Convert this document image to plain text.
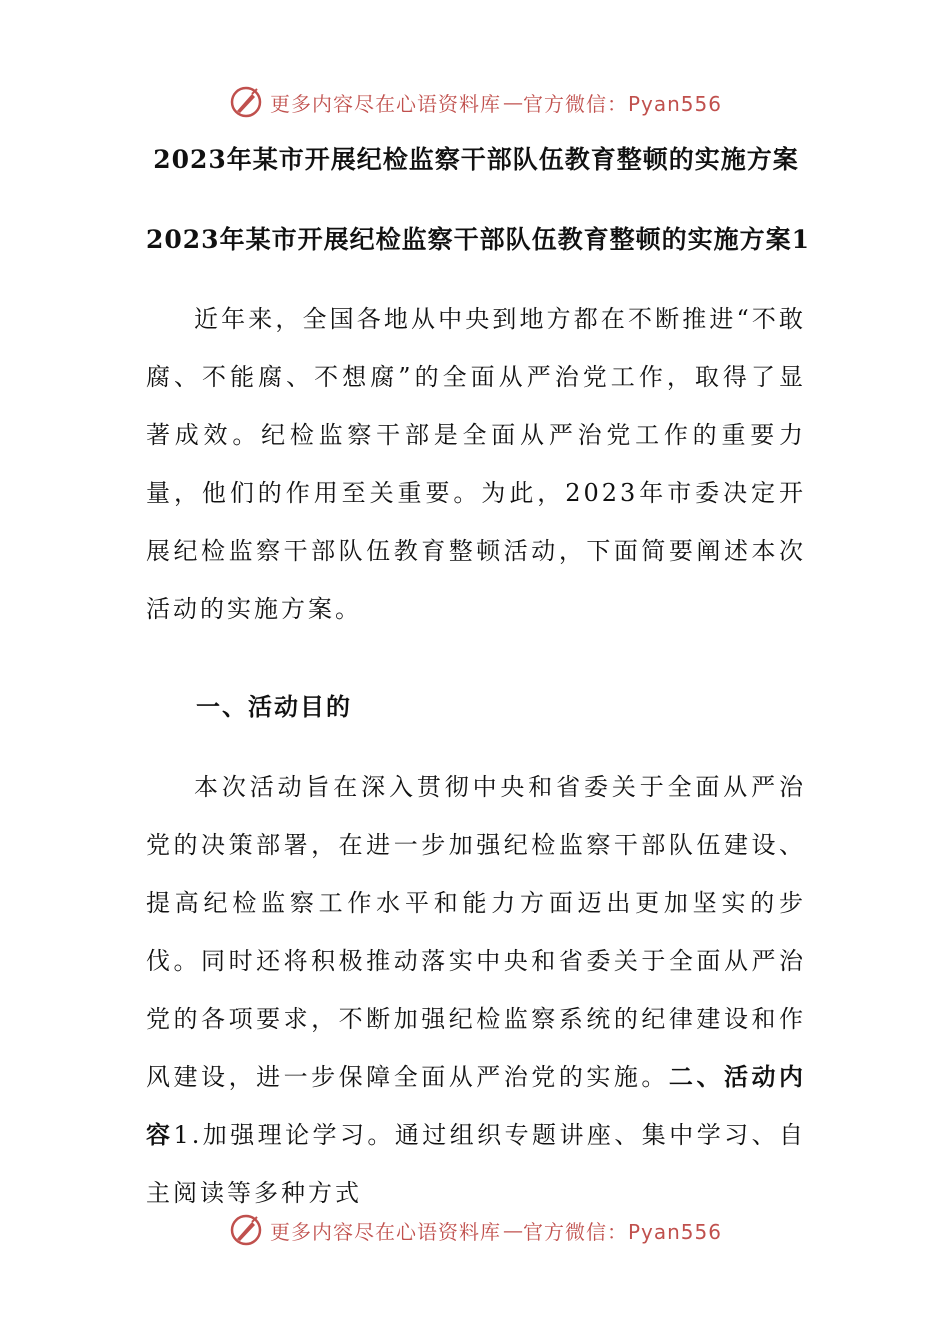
更多内容尽在心语资料库 — 官方微信：Pyan556
2023年某市开展纪检监察干部队伍教育整顿的实施方案
2023年某市开展纪检监察干部队伍教育整顿的实施方案1

近年来，全国各地从中央到地方都在不断推进“不敢腐、不能腐、不想腐”的全面从严治党工作，取得了显著成效。纪检监察干部是全面从严治党工作的重要力量，他们的作用至关重要。为此，2023年市委决定开展纪检监察干部队伍教育整顿活动，下面简要阐述本次活动的实施方案。

一、活动目的

本次活动旨在深入贯彻中央和省委关于全面从严治党的决策部署，在进一步加强纪检监察干部队伍建设、提高纪检监察工作水平和能力方面迈出更加坚实的步伐。同时还将积极推动落实中央和省委关于全面从严治党的各项要求，不断加强纪检监察系统的纪律建设和作风建设，进一步保障全面从严治党的实施。二、活动内容1.加强理论学习。通过组织专题讲座、集中学习、自主阅读等多种方式

更多内容尽在心语资料库 — 官方微信：Pyan556
